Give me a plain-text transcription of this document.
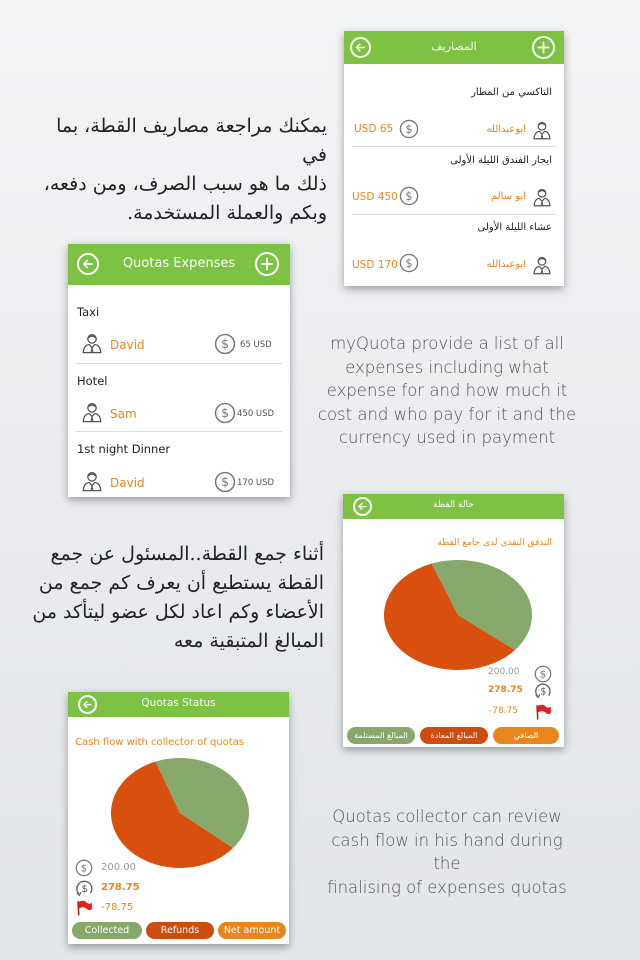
المصاريف
التاكسي من المطار
ابوعبدالله
USD 65
ايجار الفندق الليلة الأولى
ابو سالم
USD 450
عشاء الليلة الأولى
ابوعبدالله
USD 170
يمكنك مراجعة مصاريف القطة، بما في
ذلك ما هو سبب الصرف، ومن دفعه،
وبكم والعملة المستخدمة.
Quotas Expenses
Taxi
David	65 USD
Hotel
Sam	450 USD
1st night Dinner
David	170 USD
myQuota provide a list of all
expenses including what
expense for and how much it
cost and who pay for it and the
currency used in payment
حالة القطة
التدفق النقدي لدى جامع القطة
200.00
278.75
-78.75
الصافي
المبالغ المعادة
المبالغ المستلمة
أثناء جمع القطة..المسئول عن جمع
القطة يستطيع أن يعرف كم جمع من
الأعضاء وكم اعاد لكل عضو ليتأكد من
المبالغ المتبقية معه
Quotas Status
Cash flow with collector of quotas
200.00
278.75
-78.75
Collected	Refunds	Net amount
Quotas collector can review
cash flow in his hand during the
finalising of expenses quotas
